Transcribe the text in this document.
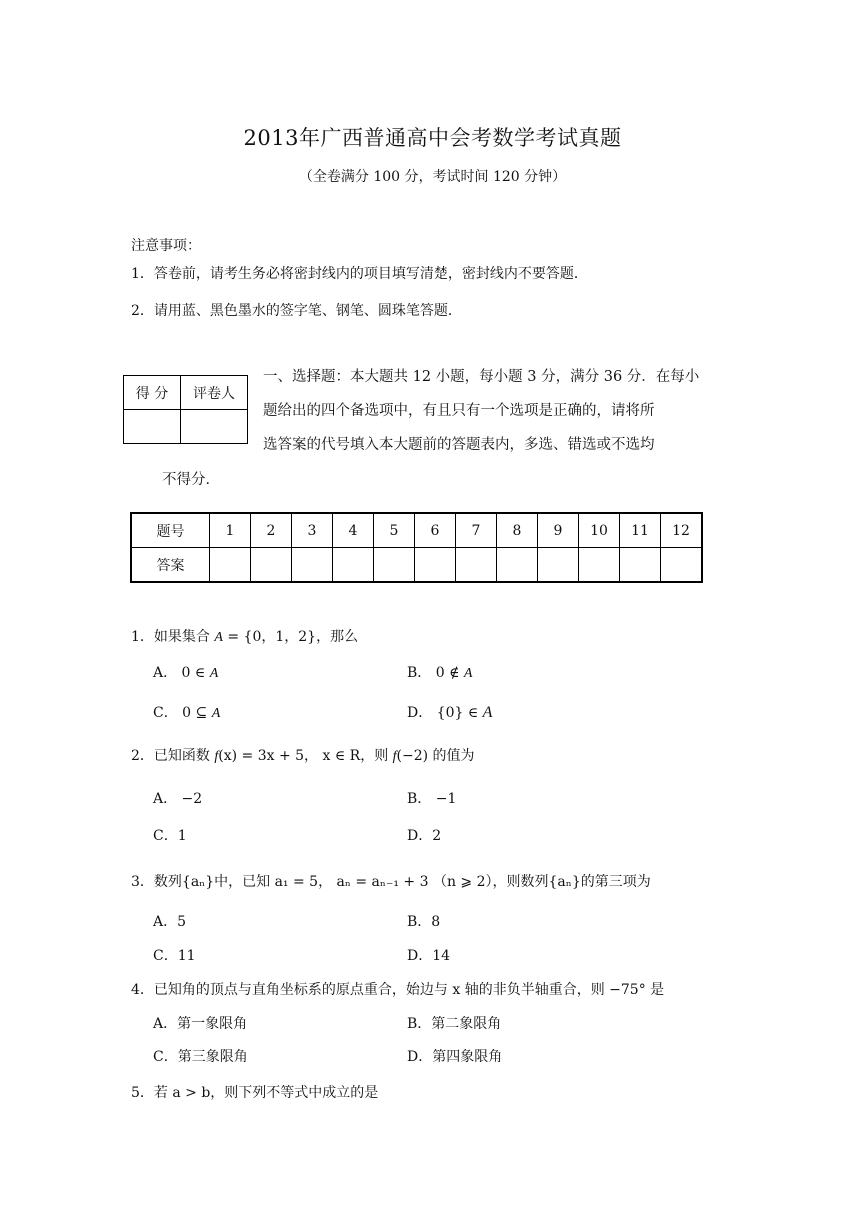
2013年广西普通高中会考数学考试真题
（全卷满分 100 分，考试时间 120 分钟）
注意事项：
1．答卷前，请考生务必将密封线内的项目填写清楚，密封线内不要答题．
2．请用蓝、黑色墨水的签字笔、钢笔、圆珠笔答题．
得 分	评卷人

一、选择题：本大题共 12 小题，每小题 3 分，满分 36 分．在每小
题给出的四个备选项中，有且只有一个选项是正确的，请将所
选答案的代号填入本大题前的答题表内，多选、错选或不选均
不得分．
题号	1	2	3	4	5	6	7	8	9	10	11	12
答案												
1．如果集合 A = {0，1，2}，那么
A． 0 ∈ A	B． 0 ∉ A
C． 0 ⊆ A	D． {0} ∈ A
2．已知函数 f(x) = 3x + 5， x ∈ R，则 f(−2) 的值为
A． −2	B． −1
C．1	D．2
3．数列{aₙ}中，已知 a₁ = 5， aₙ = aₙ₋₁ + 3 （n ⩾ 2），则数列{aₙ}的第三项为
A．5	B．8
C．11	D．14
4．已知角的顶点与直角坐标系的原点重合，始边与 x 轴的非负半轴重合，则 −75° 是
A．第一象限角	B．第二象限角
C．第三象限角	D．第四象限角
5．若 a > b，则下列不等式中成立的是
